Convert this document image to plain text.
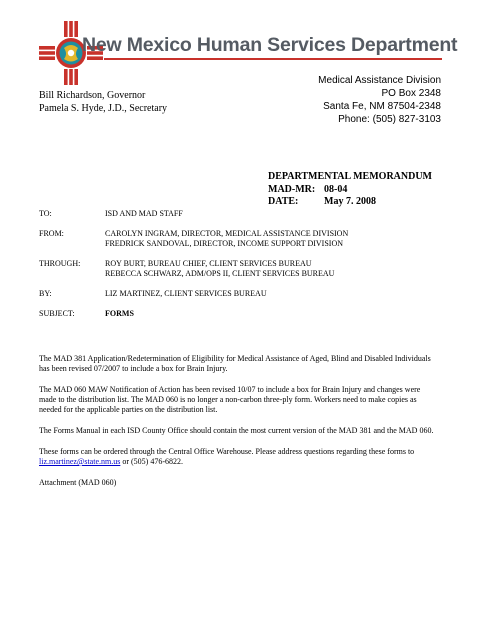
New Mexico Human Services Department
Bill Richardson, Governor
Pamela S. Hyde, J.D., Secretary
Medical Assistance Division
PO Box 2348
Santa Fe, NM 87504-2348
Phone: (505) 827-3103
DEPARTMENTAL MEMORANDUM
MAD-MR: 08-04
DATE:	May 7. 2008
TO:	ISD AND MAD STAFF
FROM:	CAROLYN INGRAM, DIRECTOR, MEDICAL ASSISTANCE DIVISION
FREDRICK SANDOVAL, DIRECTOR, INCOME SUPPORT DIVISION
THROUGH:	ROY BURT, BUREAU CHIEF, CLIENT SERVICES BUREAU
REBECCA SCHWARZ, ADM/OPS II, CLIENT SERVICES BUREAU
BY:	LIZ MARTINEZ, CLIENT SERVICES BUREAU
SUBJECT:	FORMS

The MAD 381 Application/Redetermination of Eligibility for Medical Assistance of Aged, Blind and Disabled Individuals
has been revised 07/2007 to include a box for Brain Injury.

The MAD 060 MAW Notification of Action has been revised 10/07 to include a box for Brain Injury and changes were
made to the distribution list. The MAD 060 is no longer a non-carbon three-ply form. Workers need to make copies as
needed for the applicable parties on the distribution list.

The Forms Manual in each ISD County Office should contain the most current version of the MAD 381 and the MAD 060.

These forms can be ordered through the Central Office Warehouse. Please address questions regarding these forms to
liz.martinez@state.nm.us or (505) 476-6822.

Attachment (MAD 060)
